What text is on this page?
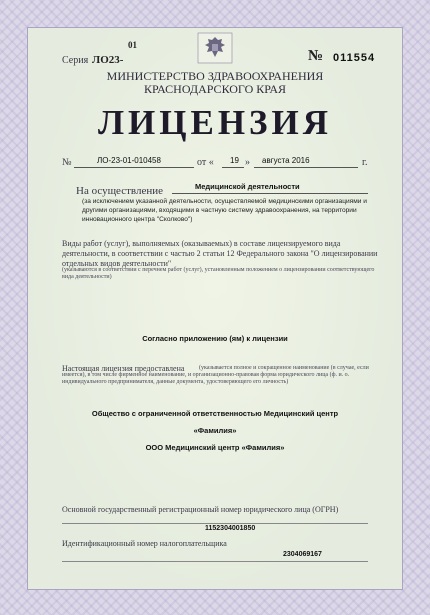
Серия ЛО23-
01
№ 011554
МИНИСТЕРСТВО ЗДРАВООХРАНЕНИЯ
КРАСНОДАРСКОГО КРАЯ
ЛИЦЕНЗИЯ
№	ЛО-23-01-010458	от « 19 » августа 2016	г.
На осуществление	Медицинской деятельности
(за исключением указанной деятельности, осуществляемой медицинскими организациями и другими организациями, входящими в частную систему здравоохранения, на территории инновационного центра "Сколково")
Виды работ (услуг), выполняемых (оказываемых) в составе лицензируемого вида деятельности, в соответствии с частью 2 статьи 12 Федерального закона "О лицензировании отдельных видов деятельности"
(указываются в соответствии с перечнем работ (услуг), установленным положением о лицензировании соответствующего вида деятельности)
Согласно приложению (ям) к лицензии
Настоящая лицензия предоставлена	(указывается полное и сокращенное наименование (в случае, если имеется), в том числе фирменное наименование, и организационно-правовая форма юридического лица (ф. и. о. индивидуального предпринимателя, данные документа, удостоверяющего его личность)
Общество с ограниченной ответственностью Медицинский центр
«Фамилия»
ООО Медицинский центр «Фамилия»
Основной государственный регистрационный номер юридического лица (ОГРН)
1152304001850
Идентификационный номер налогоплательщика
2304069167
